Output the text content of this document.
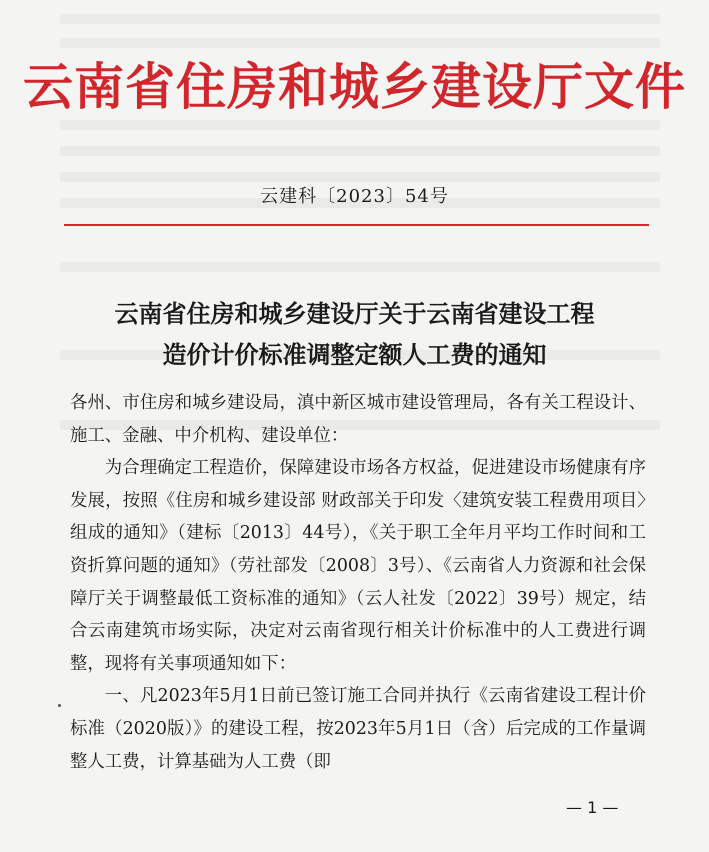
云南省住房和城乡建设厅文件
云建科〔2023〕54号
云南省住房和城乡建设厅关于云南省建设工程
造价计价标准调整定额人工费的通知

各州、市住房和城乡建设局，滇中新区城市建设管理局，各有关工程设计、施工、金融、中介机构、建设单位：

为合理确定工程造价，保障建设市场各方权益，促进建设市场健康有序发展，按照《住房和城乡建设部 财政部关于印发〈建筑安装工程费用项目〉组成的通知》（建标〔2013〕44号），《关于职工全年月平均工作时间和工资折算问题的通知》（劳社部发〔2008〕3号）、《云南省人力资源和社会保障厅关于调整最低工资标准的通知》（云人社发〔2022〕39号）规定，结合云南建筑市场实际，决定对云南省现行相关计价标准中的人工费进行调整，现将有关事项通知如下：

一、凡2023年5月1日前已签订施工合同并执行《云南省建设工程计价标准（2020版）》的建设工程，按2023年5月1日（含）后完成的工作量调整人工费，计算基础为人工费（即

— 1 —
